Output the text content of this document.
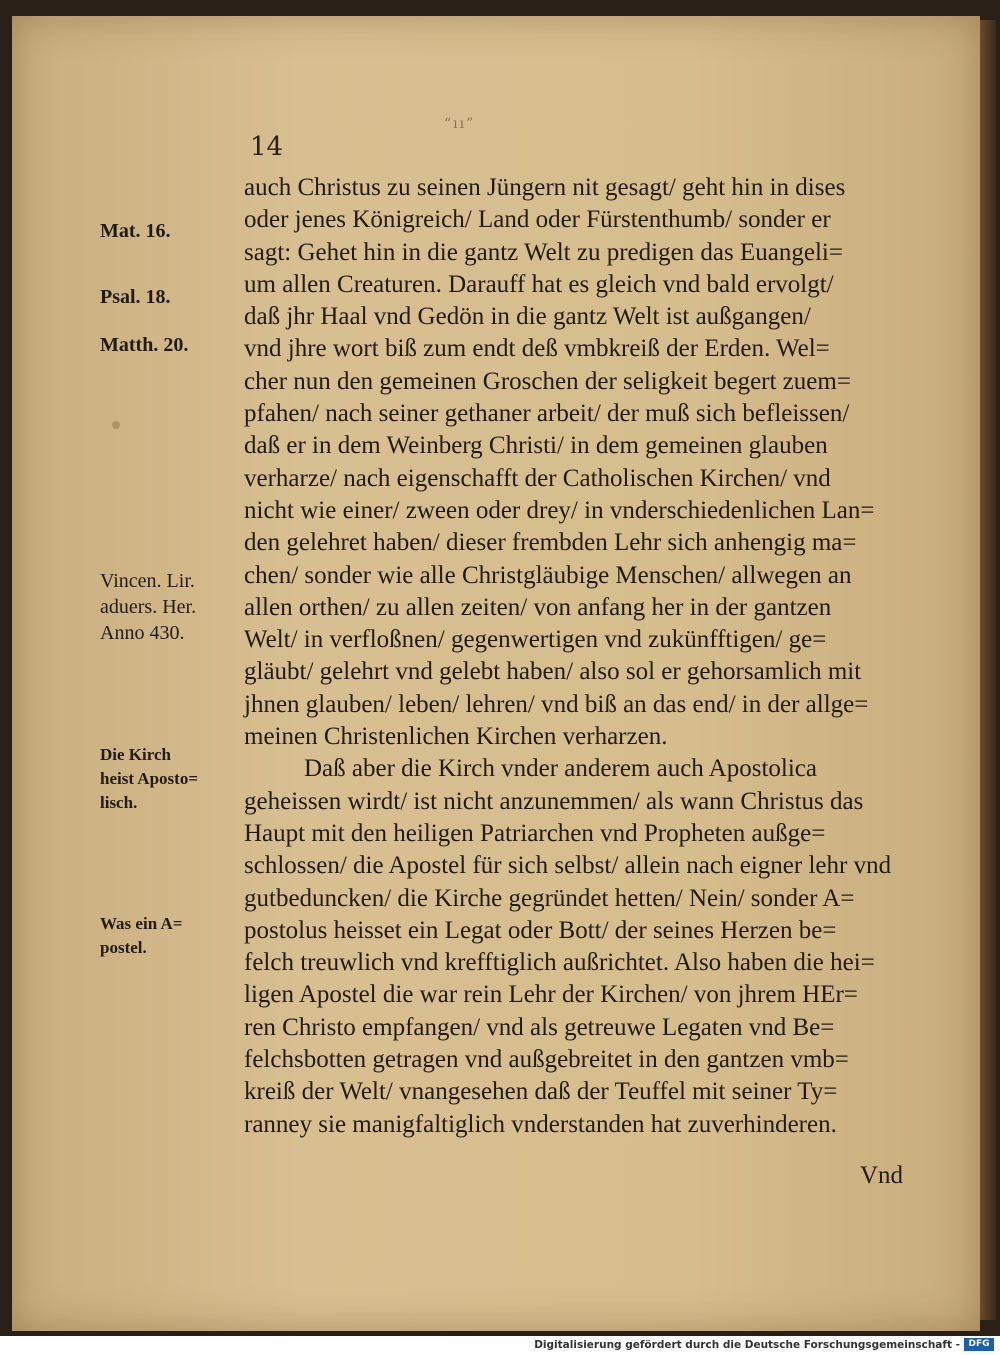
“ıı”
14
Mat. 16.
Psal. 18.
Matth. 20.
Vincen. Lir.
aduers. Her.
Anno 430.
Die Kirch
heist Aposto=
lisch.
Was ein A=
postel.
auch Christus zu seinen Jüngern nit gesagt/ geht hin in dises
oder jenes Königreich/ Land oder Fürstenthumb/ sonder er
sagt: Gehet hin in die gantz Welt zu predigen das Euangeli=
um allen Creaturen. Darauff hat es gleich vnd bald ervolgt/
daß jhr Haal vnd Gedön in die gantz Welt ist außgangen/
vnd jhre wort biß zum endt deß vmbkreiß der Erden. Wel=
cher nun den gemeinen Groschen der seligkeit begert zuem=
pfahen/ nach seiner gethaner arbeit/ der muß sich befleissen/
daß er in dem Weinberg Christi/ in dem gemeinen glauben
verharze/ nach eigenschafft der Catholischen Kirchen/ vnd
nicht wie einer/ zween oder drey/ in vnderschiedenlichen Lan=
den gelehret haben/ dieser frembden Lehr sich anhengig ma=
chen/ sonder wie alle Christgläubige Menschen/ allwegen an
allen orthen/ zu allen zeiten/ von anfang her in der gantzen
Welt/ in verfloßnen/ gegenwertigen vnd zukünfftigen/ ge=
gläubt/ gelehrt vnd gelebt haben/ also sol er gehorsamlich mit
jhnen glauben/ leben/ lehren/ vnd biß an das end/ in der allge=
meinen Christenlichen Kirchen verharzen.
Daß aber die Kirch vnder anderem auch Apostolica
geheissen wirdt/ ist nicht anzunemmen/ als wann Christus das
Haupt mit den heiligen Patriarchen vnd Propheten außge=
schlossen/ die Apostel für sich selbst/ allein nach eigner lehr vnd
gutbeduncken/ die Kirche gegründet hetten/ Nein/ sonder A=
postolus heisset ein Legat oder Bott/ der seines Herzen be=
felch treuwlich vnd krefftiglich außrichtet. Also haben die hei=
ligen Apostel die war rein Lehr der Kirchen/ von jhrem HEr=
ren Christo empfangen/ vnd als getreuwe Legaten vnd Be=
felchsbotten getragen vnd außgebreitet in den gantzen vmb=
kreiß der Welt/ vnangesehen daß der Teuffel mit seiner Ty=
ranney sie manigfaltiglich vnderstanden hat zuverhinderen.
Vnd
Digitalisierung gefördert durch die Deutsche Forschungsgemeinschaft - DFG
